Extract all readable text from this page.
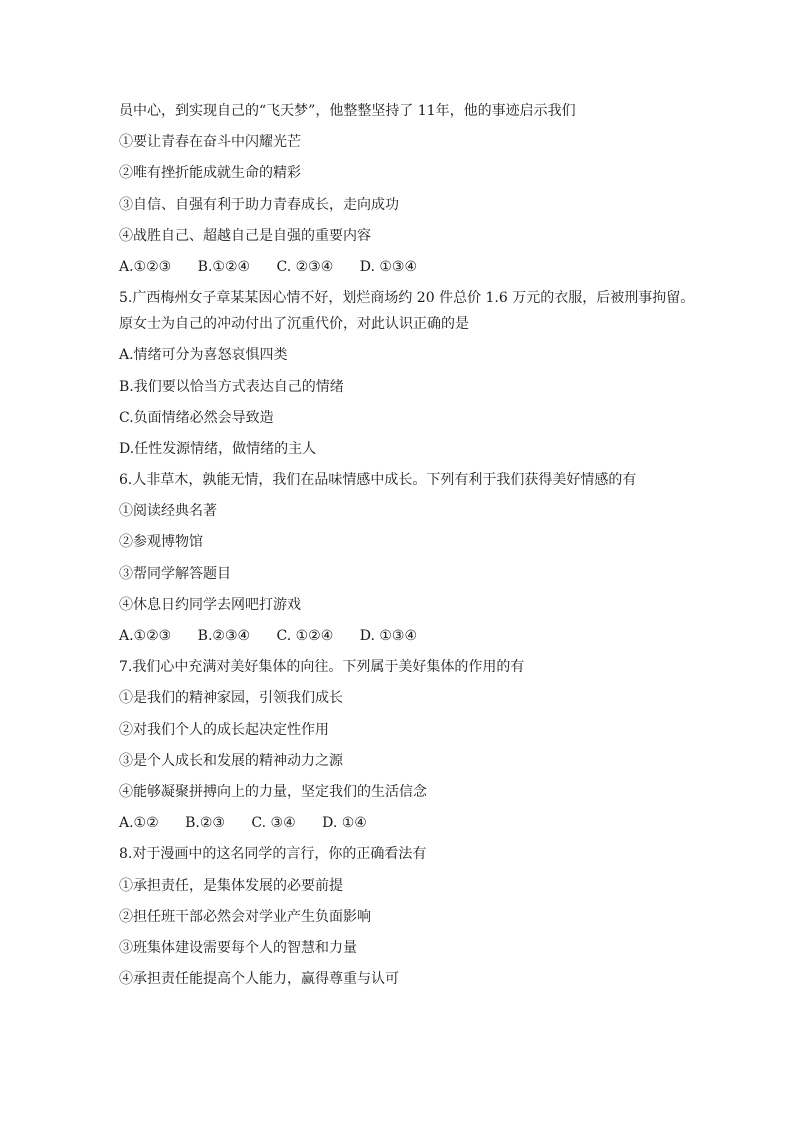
员中心，到实现自己的“飞天梦”，他整整坚持了 11年，他的事迹启示我们
①要让青春在奋斗中闪耀光芒
②唯有挫折能成就生命的精彩
③自信、自强有利于助力青春成长，走向成功
④战胜自己、超越自己是自强的重要内容
A.①②③ B.①②④ C. ②③④ D. ①③④
5.广西梅州女子章某某因心情不好，划烂商场约 20 件总价 1.6 万元的衣服，后被刑事拘留。
原女士为自己的冲动付出了沉重代价，对此认识正确的是
A.情绪可分为喜怒哀惧四类
B.我们要以恰当方式表达自己的情绪
C.负面情绪必然会导致造
D.任性发源情绪，做情绪的主人
6.人非草木，孰能无情，我们在品味情感中成长。下列有利于我们获得美好情感的有
①阅读经典名著
②参观博物馆
③帮同学解答题目
④休息日约同学去网吧打游戏
A.①②③ B.②③④ C. ①②④ D. ①③④
7.我们心中充满对美好集体的向往。下列属于美好集体的作用的有
①是我们的精神家园，引领我们成长
②对我们个人的成长起决定性作用
③是个人成长和发展的精神动力之源
④能够凝聚拼搏向上的力量，坚定我们的生活信念
A.①② B.②③ C. ③④ D. ①④
8.对于漫画中的这名同学的言行，你的正确看法有
①承担责任，是集体发展的必要前提
②担任班干部必然会对学业产生负面影响
③班集体建设需要每个人的智慧和力量
④承担责任能提高个人能力，赢得尊重与认可
